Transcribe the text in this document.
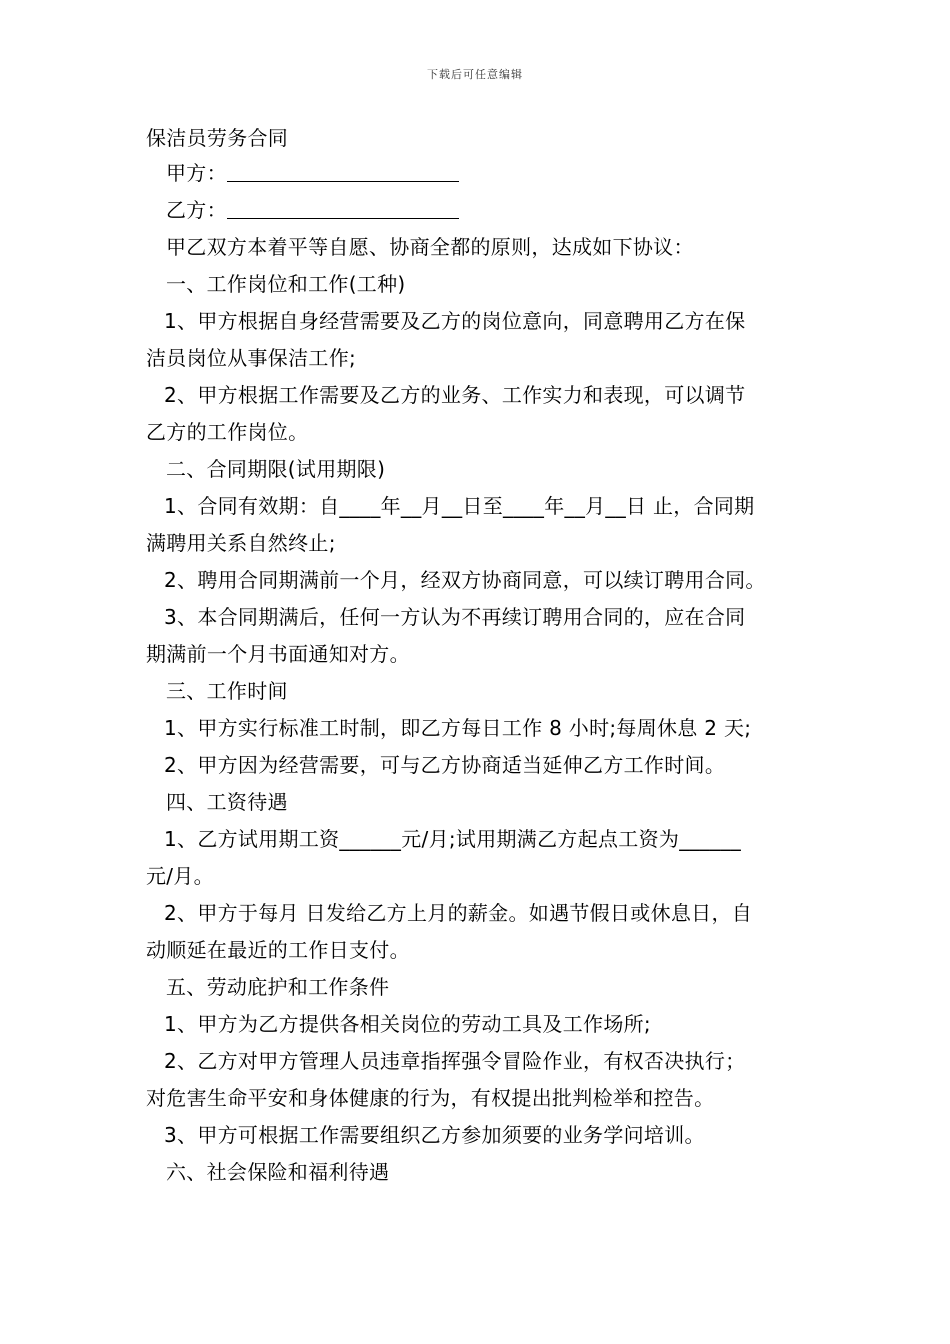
下载后可任意编辑
保洁员劳务合同
甲方：
乙方：
甲乙双方本着平等自愿、协商全都的原则，达成如下协议：
一、工作岗位和工作(工种)
1、甲方根据自身经营需要及乙方的岗位意向，同意聘用乙方在保
洁员岗位从事保洁工作;
2、甲方根据工作需要及乙方的业务、工作实力和表现，可以调节
乙方的工作岗位。
二、合同期限(试用期限)
1、合同有效期：自____年__月__日至____年__月__日 止，合同期
满聘用关系自然终止;
2、聘用合同期满前一个月，经双方协商同意，可以续订聘用合同。
3、本合同期满后，任何一方认为不再续订聘用合同的，应在合同
期满前一个月书面通知对方。
三、工作时间
1、甲方实行标准工时制，即乙方每日工作 8 小时;每周休息 2 天;
2、甲方因为经营需要，可与乙方协商适当延伸乙方工作时间。
四、工资待遇
1、乙方试用期工资______元/月;试用期满乙方起点工资为______
元/月。
2、甲方于每月 日发给乙方上月的薪金。如遇节假日或休息日，自
动顺延在最近的工作日支付。
五、劳动庇护和工作条件
1、甲方为乙方提供各相关岗位的劳动工具及工作场所;
2、乙方对甲方管理人员违章指挥强令冒险作业，有权否决执行；
对危害生命平安和身体健康的行为，有权提出批判检举和控告。
3、甲方可根据工作需要组织乙方参加须要的业务学问培训。
六、社会保险和福利待遇
